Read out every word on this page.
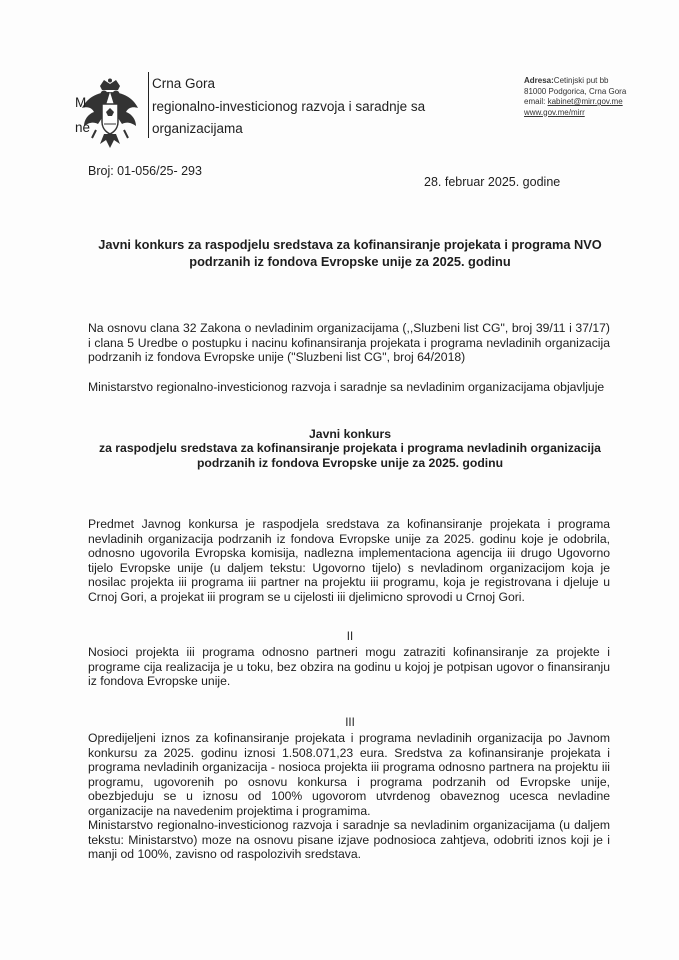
Crna Gora
regionalno-investicionog razvoja i saradnje sa
organizacijama
M
ne
Adresa:Cetinjski put bb
81000 Podgorica, Crna Gora
email: kabinet@mirr.gov.me
www.gov.me/mirr
Broj: 01-056/25- 293
28. februar 2025. godine
Javni konkurs za raspodjelu sredstava za kofinansiranje projekata i programa NVO podrzanih iz fondova Evropske unije za 2025. godinu
Na osnovu clana 32 Zakona o nevladinim organizacijama (,,Sluzbeni list CG", broj 39/11 i 37/17) i clana 5 Uredbe o postupku i nacinu kofinansiranja projekata i programa nevladinih organizacija podrzanih iz fondova Evropske unije ("Sluzbeni list CG", broj 64/2018)
Ministarstvo regionalno-investicionog razvoja i saradnje sa nevladinim organizacijama objavljuje
Javni konkurs
za raspodjelu sredstava za kofinansiranje projekata i programa nevladinih organizacija podrzanih iz fondova Evropske unije za 2025. godinu
Predmet Javnog konkursa je raspodjela sredstava za kofinansiranje projekata i programa nevladinih organizacija podrzanih iz fondova Evropske unije za 2025. godinu koje je odobrila, odnosno ugovorila Evropska komisija, nadlezna implementaciona agencija iii drugo Ugovorno tijelo Evropske unije (u daljem tekstu: Ugovorno tijelo) s nevladinom organizacijom koja je nosilac projekta iii programa iii partner na projektu iii programu, koja je registrovana i djeluje u Crnoj Gori, a projekat iii program se u cijelosti iii djelimicno sprovodi u Crnoj Gori.
II
Nosioci projekta iii programa odnosno partneri mogu zatraziti kofinansiranje za projekte i programe cija realizacija je u toku, bez obzira na godinu u kojoj je potpisan ugovor o finansiranju iz fondova Evropske unije.
III
Opredijeljeni iznos za kofinansiranje projekata i programa nevladinih organizacija po Javnom konkursu za 2025. godinu iznosi 1.508.071,23 eura. Sredstva za kofinansiranje projekata i programa nevladinih organizacija - nosioca projekta iii programa odnosno partnera na projektu iii programu, ugovorenih po osnovu konkursa i programa podrzanih od Evropske unije, obezbjeduju se u iznosu od 100% ugovorom utvrdenog obaveznog ucesca nevladine organizacije na navedenim projektima i programima.
Ministarstvo regionalno-investicionog razvoja i saradnje sa nevladinim organizacijama (u daljem tekstu: Ministarstvo) moze na osnovu pisane izjave podnosioca zahtjeva, odobriti iznos koji je i manji od 100%, zavisno od raspolozivih sredstava.
